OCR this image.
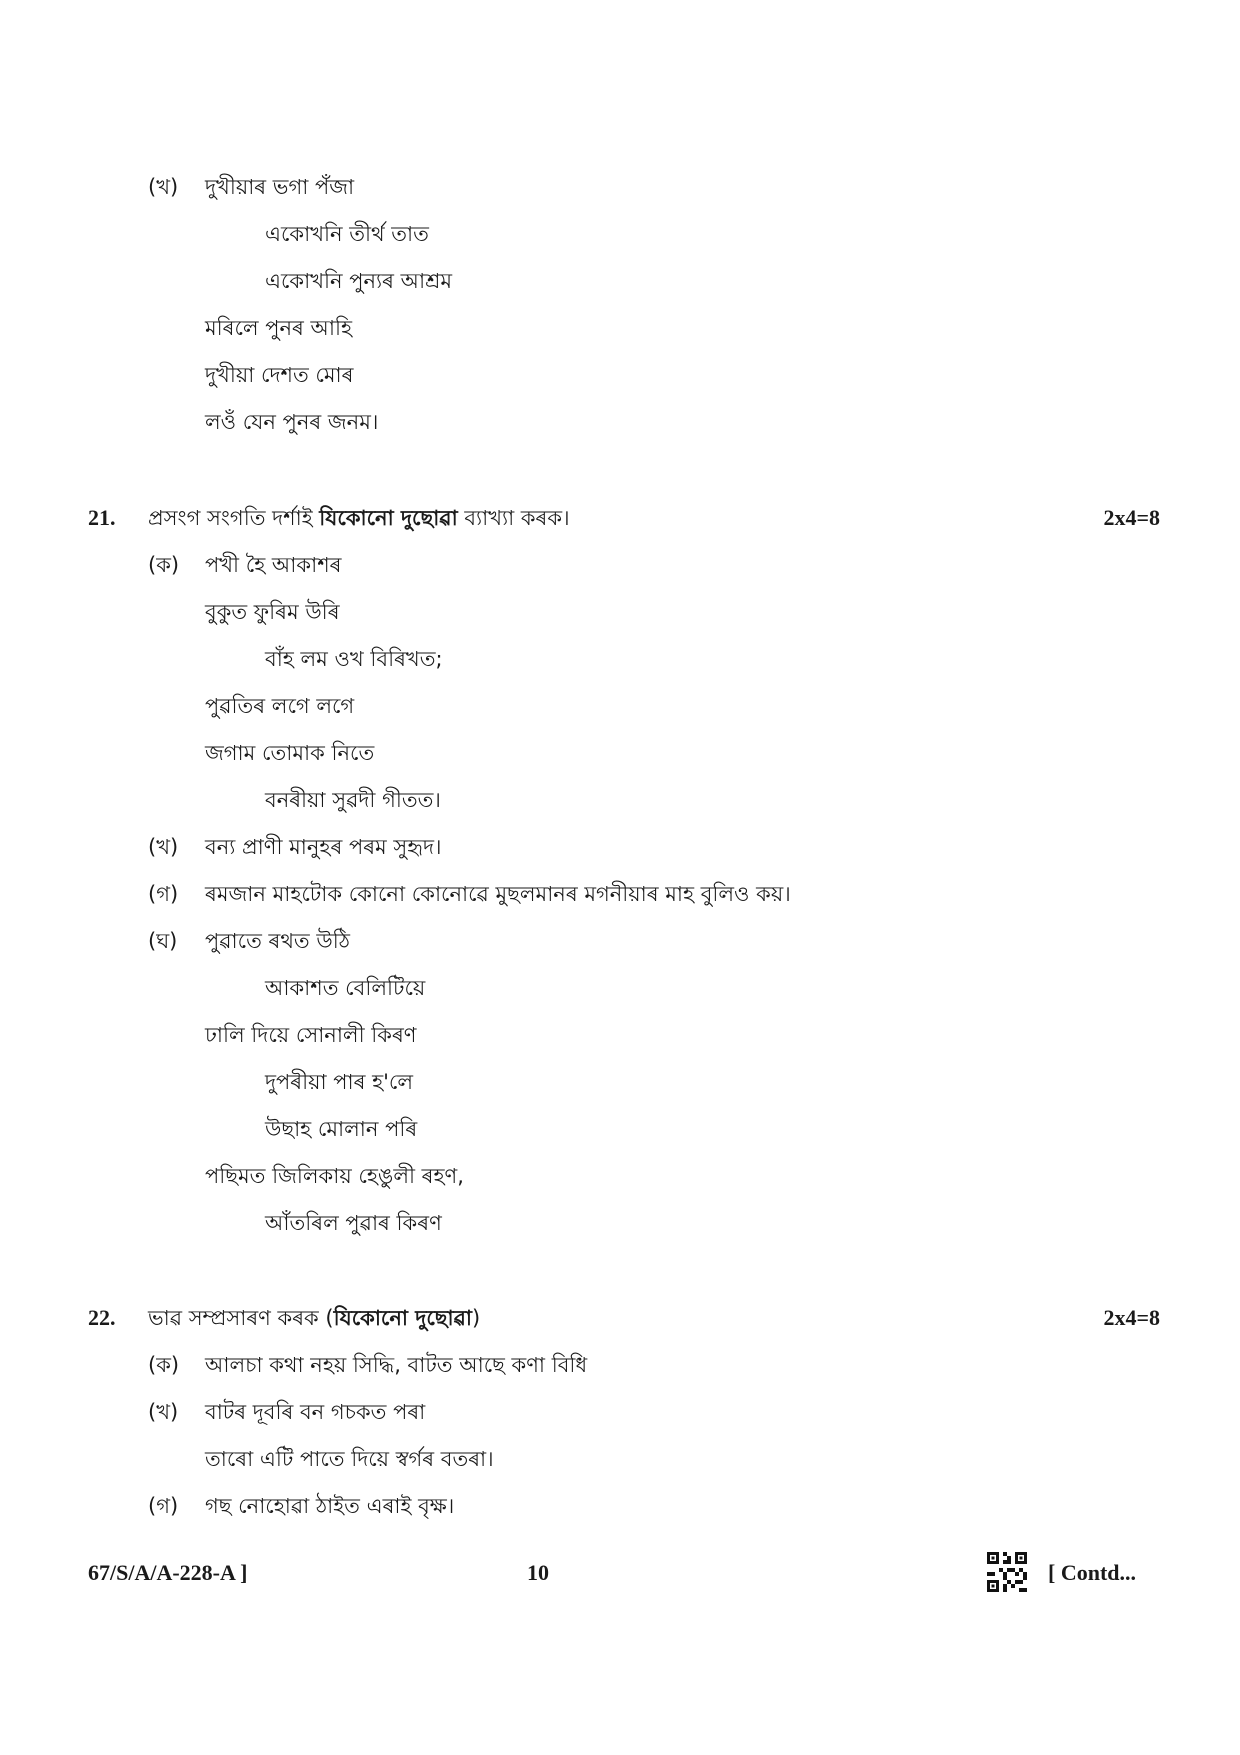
(খ) দুখীয়াৰ ভগা পঁজা
একোখনি তীৰ্থ তাত
একোখনি পুন্যৰ আশ্ৰম
মৰিলে পুনৰ আহি
দুখীয়া দেশত মোৰ
লওঁ যেন পুনৰ জনম।
21. প্ৰসংগ সংগতি দৰ্শাই যিকোনো দুছোৱা ব্যাখ্যা কৰক।	2x4=8
(ক) পখী হৈ আকাশৰ
বুকুত ফুৰিম উৰি
বাঁহ লম ওখ বিৰিখত;
পুৱতিৰ লগে লগে
জগাম তোমাক নিতে
বনৰীয়া সুৱদী গীতত।
(খ) বন্য প্ৰাণী মানুহৰ পৰম সুহৃদ।
(গ) ৰমজান মাহটোক কোনো কোনোৱে মুছলমানৰ মগনীয়াৰ মাহ বুলিও কয়।
(ঘ) পুৱাতে ৰথত উঠি
আকাশত বেলিটিয়ে
ঢালি দিয়ে সোনালী কিৰণ
দুপৰীয়া পাৰ হ'লে
উছাহ মোলান পৰি
পছিমত জিলিকায় হেঙুলী ৰহণ,
আঁতৰিল পুৱাৰ কিৰণ
22. ভাৱ সম্প্ৰসাৰণ কৰক (যিকোনো দুছোৱা)	2x4=8
(ক) আলচা কথা নহয় সিদ্ধি, বাটত আছে কণা বিধি
(খ) বাটৰ দূবৰি বন গচকত পৰা
তাৰো এটি পাতে দিয়ে স্বৰ্গৰ বতৰা।
(গ) গছ নোহোৱা ঠাইত এৰাই বৃক্ষ।
67/S/A/A-228-A ]	10	[ Contd...
